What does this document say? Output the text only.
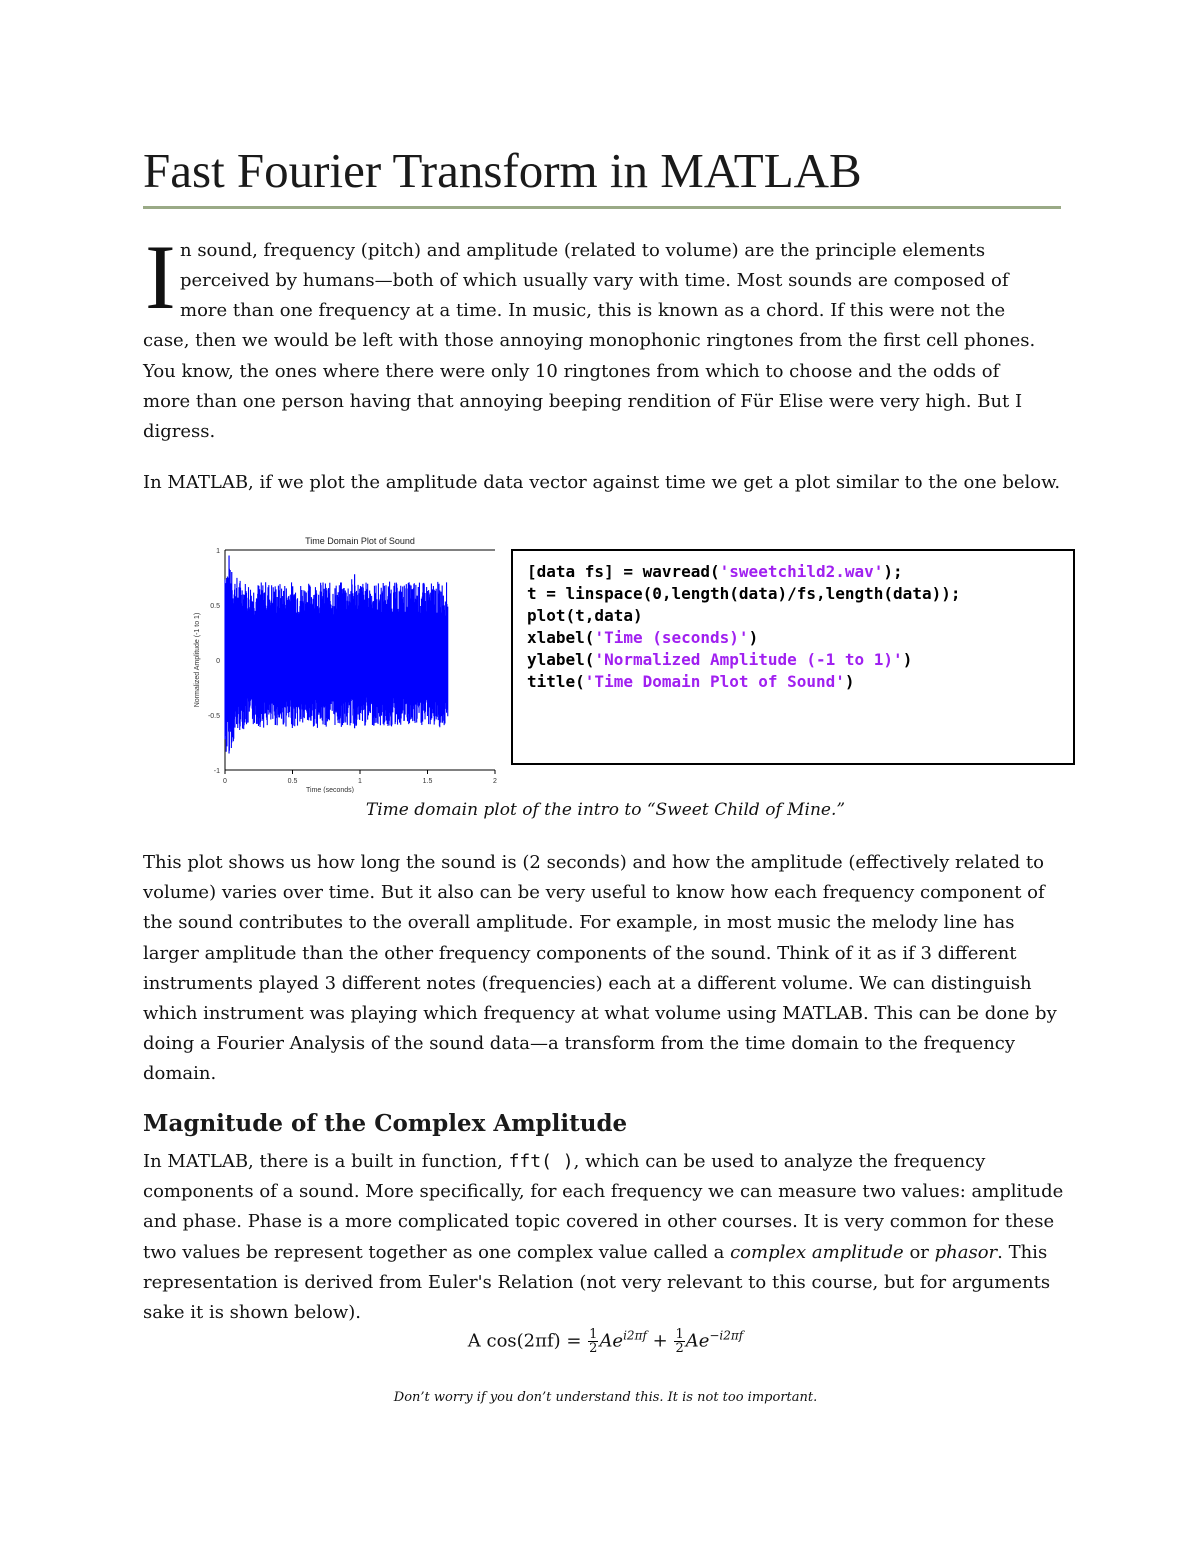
Fast Fourier Transform in MATLAB
I n sound, frequency (pitch) and amplitude (related to volume) are the principle elements
perceived by humans—both of which usually vary with time. Most sounds are composed of
more than one frequency at a time. In music, this is known as a chord. If this were not the
case, then we would be left with those annoying monophonic ringtones from the first cell phones.
You know, the ones where there were only 10 ringtones from which to choose and the odds of
more than one person having that annoying beeping rendition of Für Elise were very high. But I
digress.

In MATLAB, if we plot the amplitude data vector against time we get a plot similar to the one below.

Time Domain Plot of Sound
0	0.5	1	1.5	2
-1
-0.5
0
0.5
1
Time (seconds)
Normalized Amplitude (-1 to 1)
[data fs] = wavread('sweetchild2.wav');
t = linspace(0,length(data)/fs,length(data));
plot(t,data)
xlabel('Time (seconds)')
ylabel('Normalized Amplitude (-1 to 1)')
title('Time Domain Plot of Sound')
Time domain plot of the intro to “Sweet Child of Mine.”

This plot shows us how long the sound is (2 seconds) and how the amplitude (effectively related to volume) varies over time. But it also can be very useful to know how each frequency component of the sound contributes to the overall amplitude. For example, in most music the melody line has larger amplitude than the other frequency components of the sound. Think of it as if 3 different instruments played 3 different notes (frequencies) each at a different volume. We can distinguish which instrument was playing which frequency at what volume using MATLAB. This can be done by doing a Fourier Analysis of the sound data—a transform from the time domain to the frequency domain.

Magnitude of the Complex Amplitude

In MATLAB, there is a built in function, fft( ), which can be used to analyze the frequency components of a sound. More specifically, for each frequency we can measure two values: amplitude and phase. Phase is a more complicated topic covered in other courses. It is very common for these two values be represent together as one complex value called a complex amplitude or phasor. This representation is derived from Euler's Relation (not very relevant to this course, but for arguments sake it is shown below).

A $\cos(2\pi f) = \frac{1}{2} Ae^{i2\pi f} + \frac{1}{2} Ae^{-i2\pi f}$
Don’t worry if you don’t understand this. It is not too important.
